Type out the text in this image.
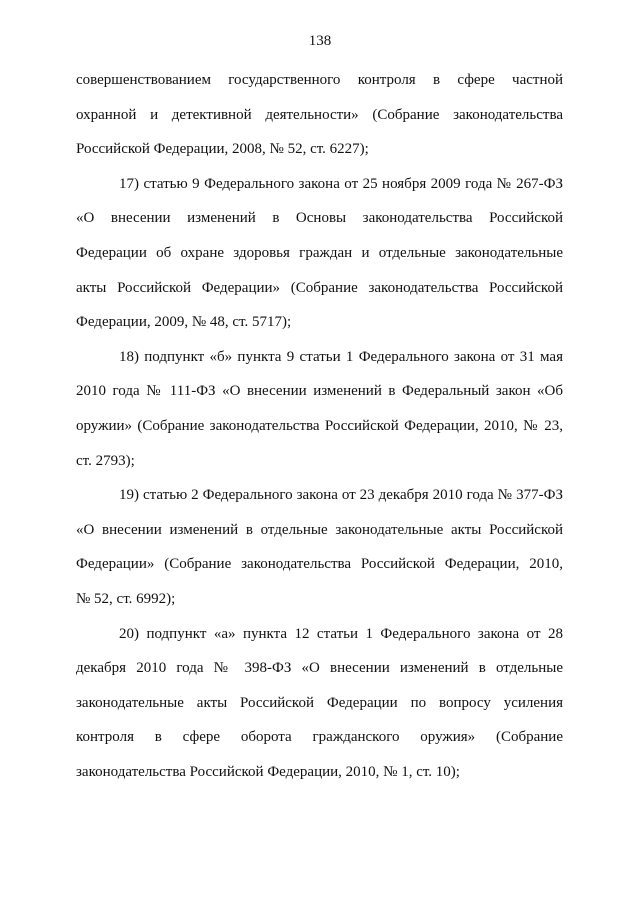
138
совершенствованием государственного контроля в сфере частной
охранной и детективной деятельности» (Собрание законодательства
Российской Федерации, 2008, № 52, ст. 6227);
17) статью 9 Федерального закона от 25 ноября 2009 года № 267-ФЗ
«О внесении изменений в Основы законодательства Российской
Федерации об охране здоровья граждан и отдельные законодательные
акты Российской Федерации» (Собрание законодательства Российской
Федерации, 2009, № 48, ст. 5717);
18) подпункт «б» пункта 9 статьи 1 Федерального закона от 31 мая
2010 года № 111-ФЗ «О внесении изменений в Федеральный закон «Об
оружии» (Собрание законодательства Российской Федерации, 2010, № 23,
ст. 2793);
19) статью 2 Федерального закона от 23 декабря 2010 года № 377-ФЗ
«О внесении изменений в отдельные законодательные акты Российской
Федерации» (Собрание законодательства Российской Федерации, 2010,
№ 52, ст. 6992);
20) подпункт «а» пункта 12 статьи 1 Федерального закона от 28
декабря 2010 года № 398-ФЗ «О внесении изменений в отдельные
законодательные акты Российской Федерации по вопросу усиления
контроля в сфере оборота гражданского оружия» (Собрание
законодательства Российской Федерации, 2010, № 1, ст. 10);
